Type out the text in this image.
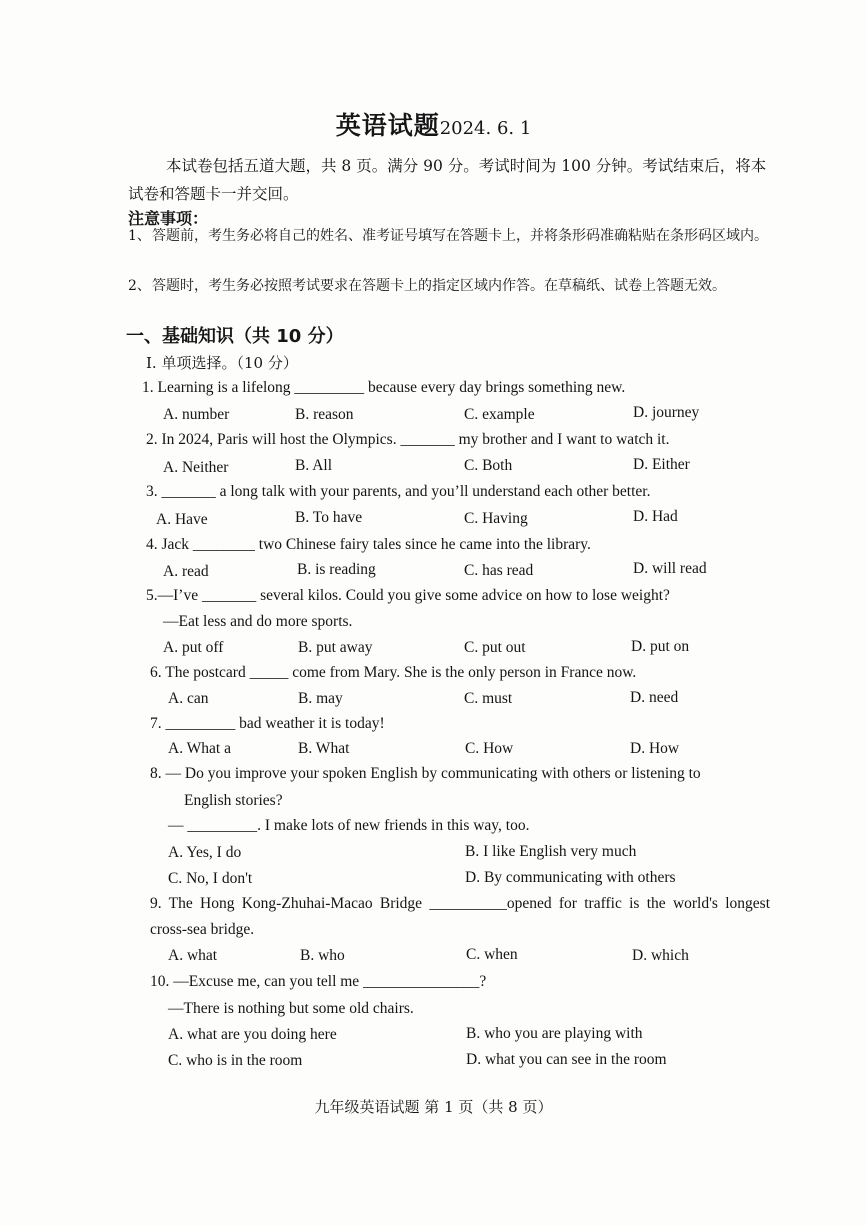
英语试题2024. 6. 1
本试卷包括五道大题，共 8 页。满分 90 分。考试时间为 100 分钟。考试结束后，将本试卷和答题卡一并交回。
注意事项：
1、 答题前，考生务必将自己的姓名、准考证号填写在答题卡上，并将条形码准确粘贴在条形码区域内。
2、 答题时，考生务必按照考试要求在答题卡上的指定区域内作答。在草稿纸、试卷上答题无效。
一、基础知识（共 10 分）
I. 单项选择。（10 分）
1. Learning is a lifelong _________ because every day brings something new.
A. number	B. reason	C. example	D. journey
2. In 2024, Paris will host the Olympics. _______ my brother and I want to watch it.
A. Neither	B. All	C. Both	D. Either
3. _______ a long talk with your parents, and you’ll understand each other better.
A. Have	B. To have	C. Having	D. Had
4. Jack ________ two Chinese fairy tales since he came into the library.
A. read	B. is reading	C. has read	D. will read
5.—I’ve _______ several kilos. Could you give some advice on how to lose weight?
—Eat less and do more sports.
A. put off	B. put away	C. put out	D. put on
6. The postcard _____ come from Mary. She is the only person in France now.
A. can	B. may	C. must	D. need
7. _________ bad weather it is today!
A. What a	B. What	C. How	D. How
8. — Do you improve your spoken English by communicating with others or listening to
English stories?
— _________. I make lots of new friends in this way, too.
A. Yes, I do	B. I like English very much
C. No, I don't	D. By communicating with others
9. The Hong Kong-Zhuhai-Macao Bridge __________opened for traffic is the world's longest cross-sea bridge.
A. what	B. who	C. when	D. which
10. —Excuse me, can you tell me _______________?
—There is nothing but some old chairs.
A. what are you doing here	B. who you are playing with
C. who is in the room	D. what you can see in the room
九年级英语试题 第 1 页（共 8 页）
